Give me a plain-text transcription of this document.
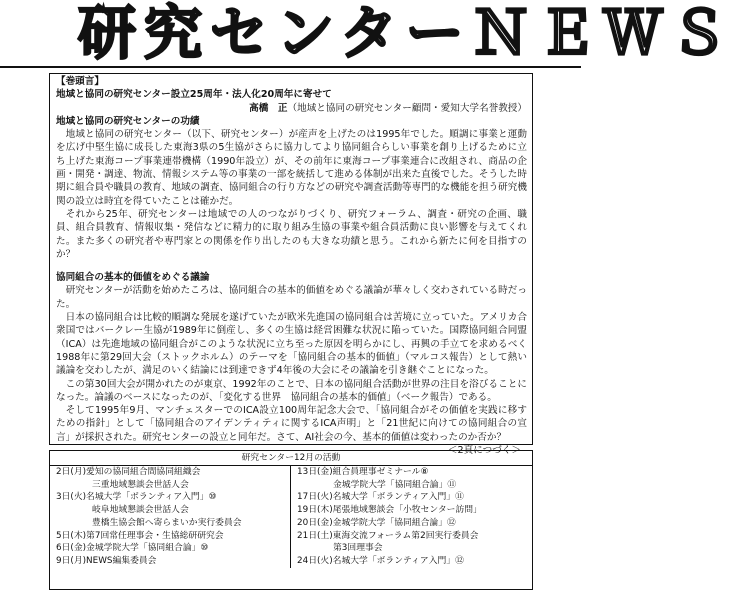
研究センターＮＥＷＳ

【巻頭言】

地域と協同の研究センター設立25周年・法人化20周年に寄せて

高橋　正（地域と協同の研究センター顧問・愛知大学名誉教授）

地域と協同の研究センターの功績

地域と協同の研究センター（以下、研究センター）が産声を上げたのは1995年でした。順調に事業と運動を広げ中堅生協に成長した東海3県の5生協がさらに協力してより協同組合らしい事業を創り上げるために立ち上げた東海コープ事業連帯機構（1990年設立）が、その前年に東海コープ事業連合に改組され、商品の企画・開発・調達、物流、情報システム等の事業の一部を統括して進める体制が出来た直後でした。そうした時期に組合員や職員の教育、地域の調査、協同組合の行り方などの研究や調査活動等専門的な機能を担う研究機関の設立は時宜を得ていたことは確かだ。

それから25年、研究センターは地域での人のつながりづくり、研究フォーラム、調査・研究の企画、職員、組合員教育、情報収集・発信などに精力的に取り組み生協の事業や組合員活動に良い影響を与えてくれた。また多くの研究者や専門家との関係を作り出したのも大きな功績と思う。これから新たに何を目指すのか？

協同組合の基本的価値をめぐる議論

研究センターが活動を始めたころは、協同組合の基本的価値をめぐる議論が華々しく交わされている時だった。

日本の協同組合は比較的順調な発展を遂げていたが欧米先進国の協同組合は苦境に立っていた。アメリカ合衆国ではバークレー生協が1989年に倒産し、多くの生協は経営困難な状況に陥っていた。国際協同組合同盟（ICA）は先進地域の協同組合がこのような状況に立ち至った原因を明らかにし、再興の手立てを求めるべく1988年に第29回大会（ストックホルム）のテーマを「協同組合の基本的価値」（マルコス報告）として熱い議論を交わしたが、満足のいく結論には到達できず4年後の大会にその議論を引き継ぐことになった。

この第30回大会が開かれたのが東京、1992年のことで、日本の協同組合活動が世界の注目を浴びることになった。論議のベースになったのが、「変化する世界　協同組合の基本的価値」（ベーク報告）である。

そして1995年9月、マンチェスターでのICA設立100周年記念大会で、「協同組合がその価値を実践に移すための指針」として「協同組合のアイデンティティに関するICA声明」と「21世紀に向けての協同組合の宣言」が採択された。研究センターの設立と同年だ。さて、AI社会の今、基本的価値は変わったのか否か？

＜2頁につづく＞

研究センター12月の活動
2日(月)愛知の協同組合間協同組織会
三重地域懇談会世話人会
3日(火)名城大学「ボランティア入門」⑩
岐阜地域懇談会世話人会
豊橋生協会館へ寄らまいか実行委員会
5日(木)第7回常任理事会・生協総研研究会
6日(金)金城学院大学「協同組合論」⑩
9日(月)NEWS編集委員会
13日(金)組合員理事ゼミナール⑧
金城学院大学「協同組合論」⑪
17日(火)名城大学「ボランティア入門」⑪
19日(木)尾張地域懇談会「小牧センター訪問」
20日(金)金城学院大学「協同組合論」⑫
21日(土)東海交流フォーラム第2回実行委員会
第3回理事会
24日(火)名城大学「ボランティア入門」⑫
